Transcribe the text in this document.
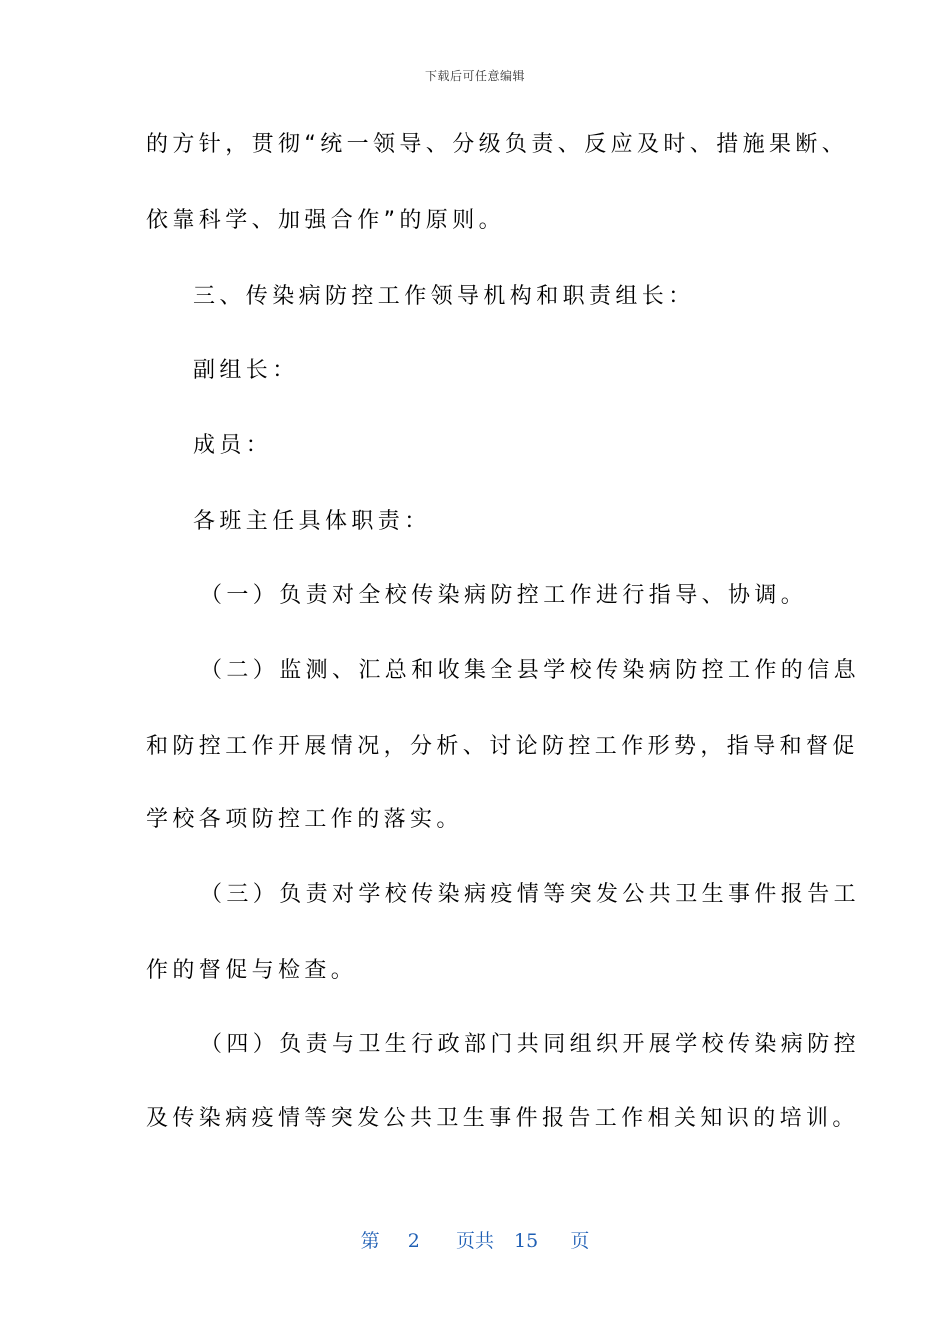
下载后可任意编辑
的方针，贯彻“统一领导、分级负责、反应及时、措施果断、
依靠科学、加强合作”的原则。
三、传染病防控工作领导机构和职责组长：
副组长：
成员：
各班主任具体职责：
（一）负责对全校传染病防控工作进行指导、协调。
（二）监测、汇总和收集全县学校传染病防控工作的信息
和防控工作开展情况，分析、讨论防控工作形势，指导和督促
学校各项防控工作的落实。
（三）负责对学校传染病疫情等突发公共卫生事件报告工
作的督促与检查。
（四）负责与卫生行政部门共同组织开展学校传染病防控
及传染病疫情等突发公共卫生事件报告工作相关知识的培训。
第 2 页共 15 页
